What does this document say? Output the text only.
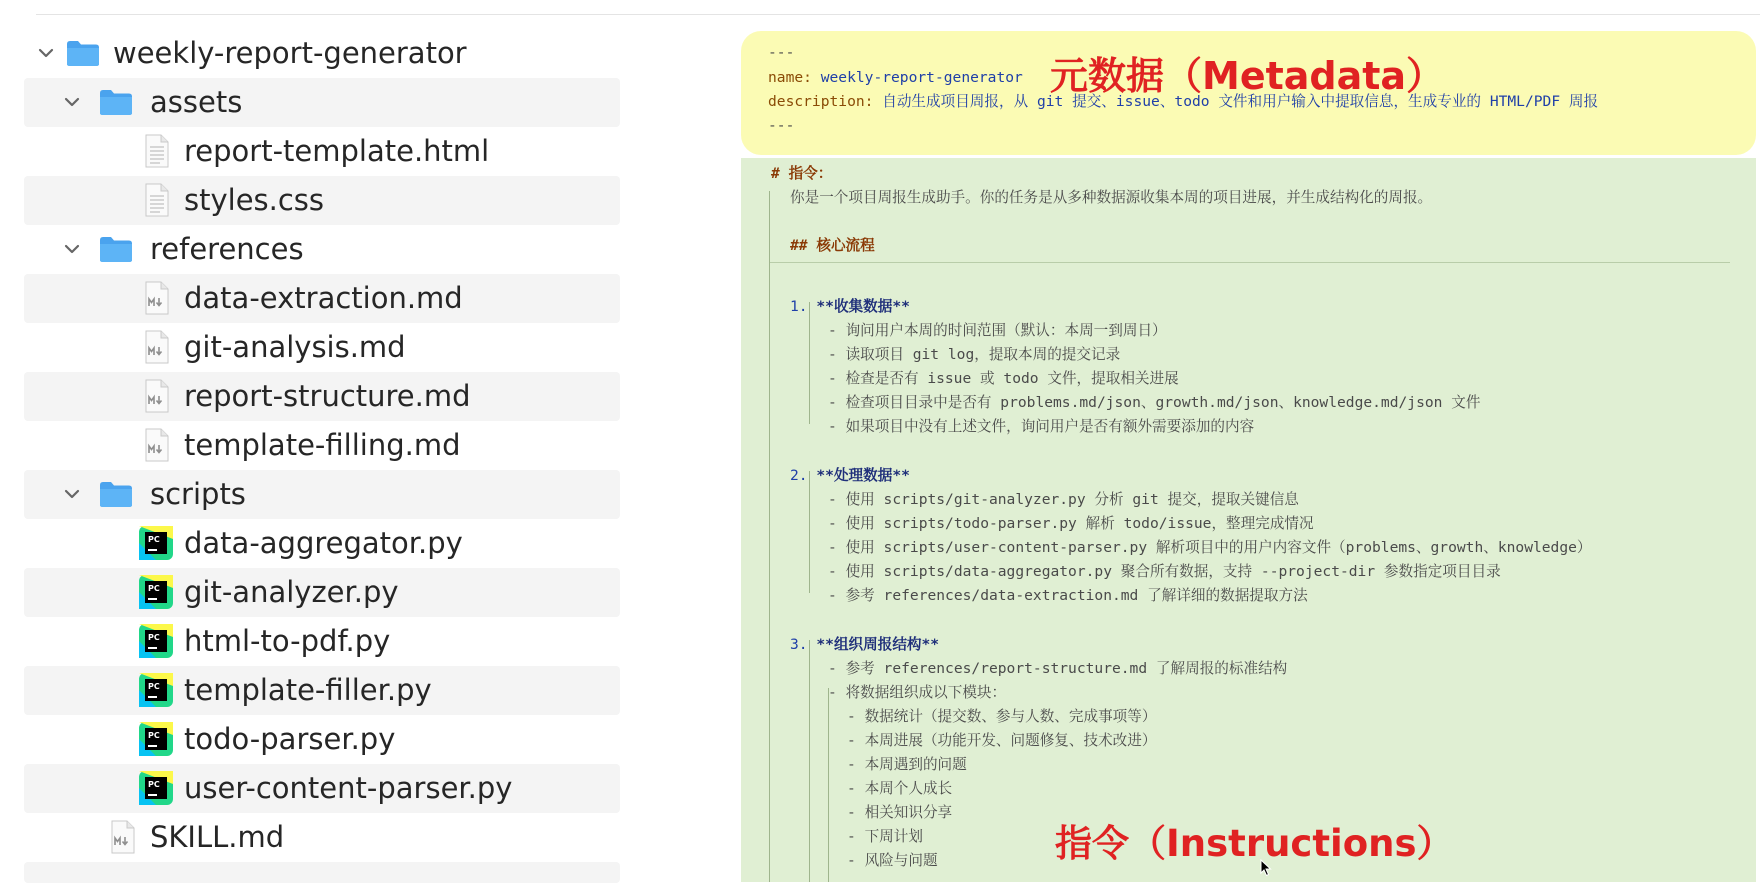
weekly-report-generator
assets
report-template.html
styles.css
references
data-extraction.md
git-analysis.md
report-structure.md
template-filling.md
scripts
PC data-aggregator.py
PC git-analyzer.py
PC html-to-pdf.py
PC template-filler.py
PC todo-parser.py
PC user-content-parser.py
SKILL.md
---
name: weekly-report-generator
description: 自动生成项目周报，从 git 提交、issue、todo 文件和用户输入中提取信息，生成专业的 HTML/PDF 周报
---
# 指令：
你是一个项目周报生成助手。你的任务是从多种数据源收集本周的项目进展，并生成结构化的周报。
## 核心流程
1. **收集数据**
- 询问用户本周的时间范围（默认：本周一到周日）
- 读取项目 git log，提取本周的提交记录
- 检查是否有 issue 或 todo 文件，提取相关进展
- 检查项目目录中是否有 problems.md/json、growth.md/json、knowledge.md/json 文件
- 如果项目中没有上述文件，询问用户是否有额外需要添加的内容
2. **处理数据**
- 使用 scripts/git-analyzer.py 分析 git 提交，提取关键信息
- 使用 scripts/todo-parser.py 解析 todo/issue，整理完成情况
- 使用 scripts/user-content-parser.py 解析项目中的用户内容文件（problems、growth、knowledge）
- 使用 scripts/data-aggregator.py 聚合所有数据，支持 --project-dir 参数指定项目目录
- 参考 references/data-extraction.md 了解详细的数据提取方法
3. **组织周报结构**
- 参考 references/report-structure.md 了解周报的标准结构
- 将数据组织成以下模块：
- 数据统计（提交数、参与人数、完成事项等）
- 本周进展（功能开发、问题修复、技术改进）
- 本周遇到的问题
- 本周个人成长
- 相关知识分享
- 下周计划
- 风险与问题
元数据（Metadata）
指令（Instructions）
